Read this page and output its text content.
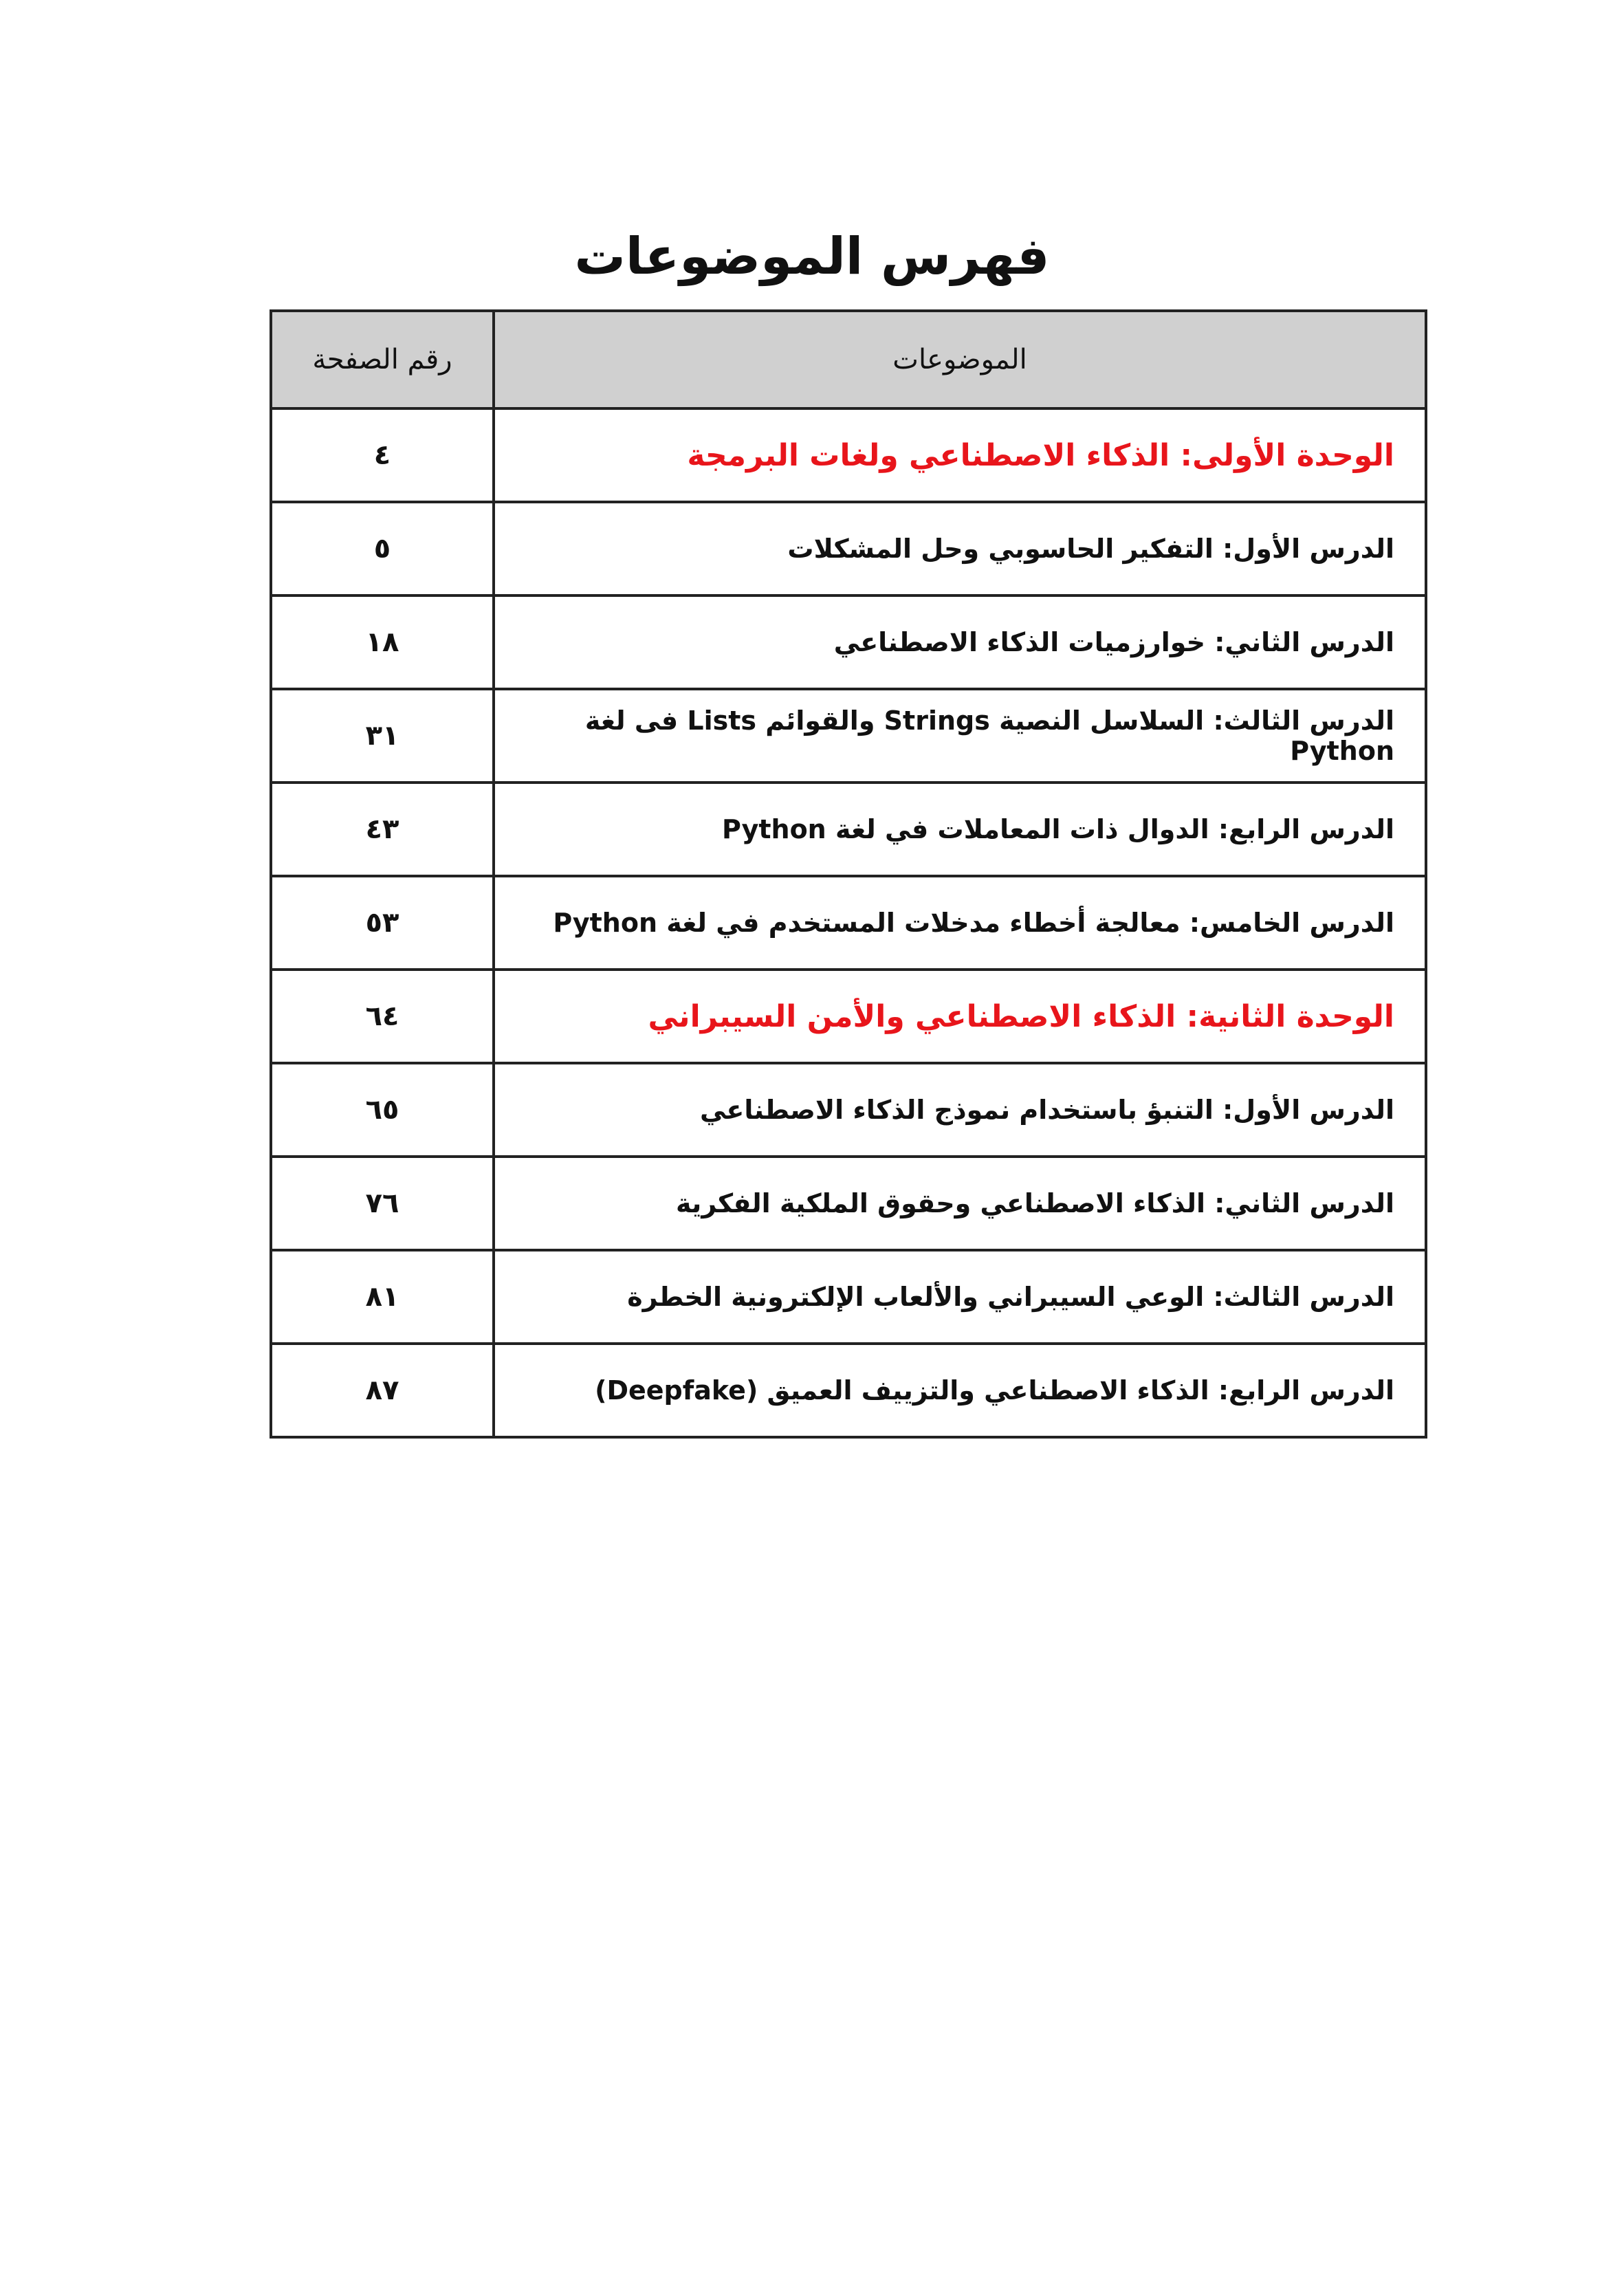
فهرس الموضوعات
الموضوعات	رقم الصفحة
الوحدة الأولى: الذكاء الاصطناعي ولغات البرمجة	٤
الدرس الأول: التفكير الحاسوبي وحل المشكلات	٥
الدرس الثاني: خوارزميات الذكاء الاصطناعي	١٨
الدرس الثالث: السلاسل النصية Strings والقوائم Lists فى لغة Python	٣١
الدرس الرابع: الدوال ذات المعاملات في لغة Python	٤٣
الدرس الخامس: معالجة أخطاء مدخلات المستخدم في لغة Python	٥٣
الوحدة الثانية: الذكاء الاصطناعي والأمن السيبراني	٦٤
الدرس الأول: التنبؤ باستخدام نموذج الذكاء الاصطناعي	٦٥
الدرس الثاني: الذكاء الاصطناعي وحقوق الملكية الفكرية	٧٦
الدرس الثالث: الوعي السيبراني والألعاب الإلكترونية الخطرة	٨١
الدرس الرابع: الذكاء الاصطناعي والتزييف العميق (Deepfake)	٨٧
